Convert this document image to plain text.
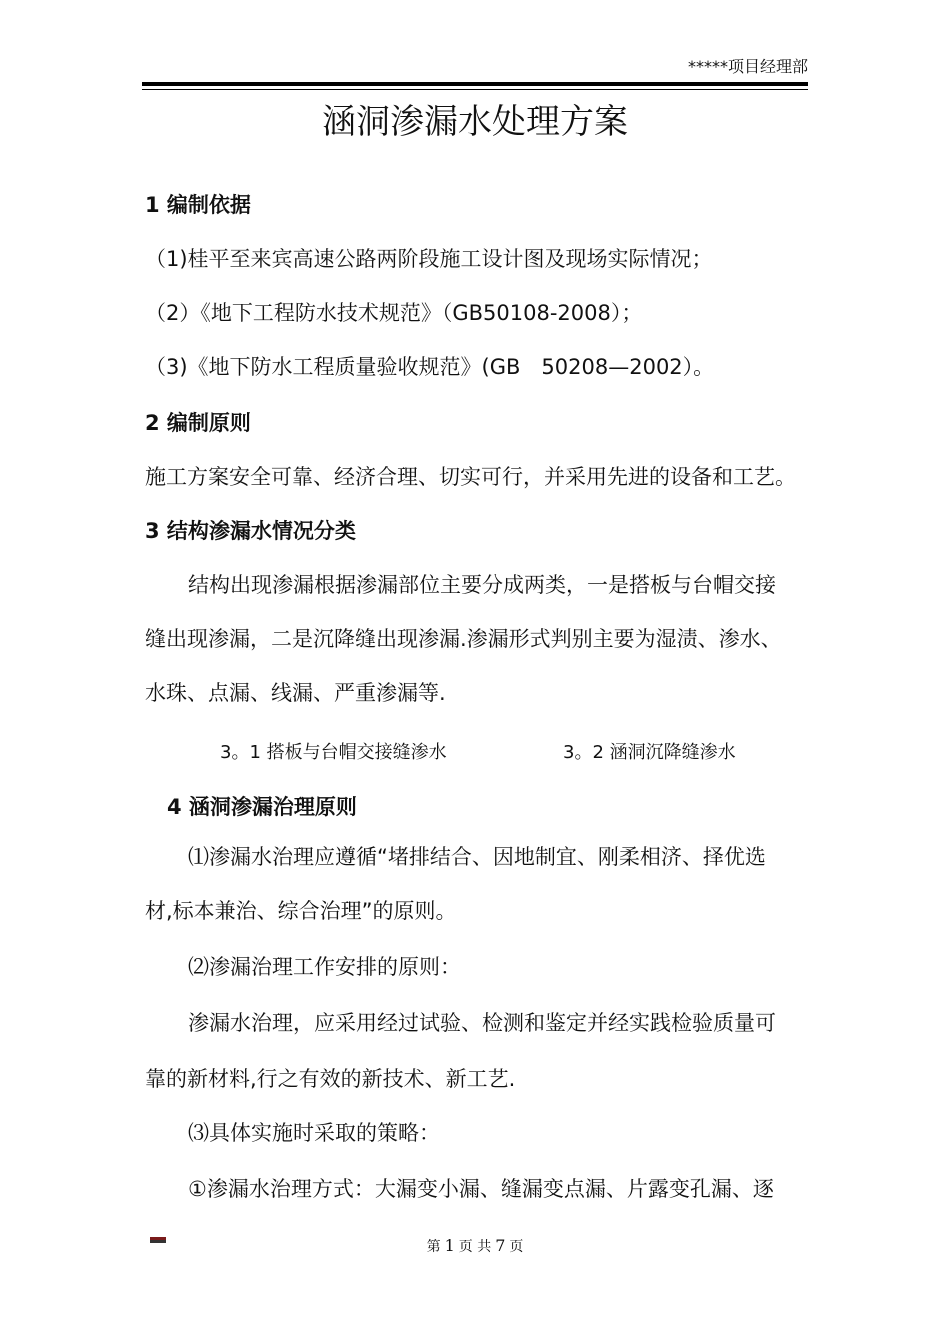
*****项目经理部
涵洞渗漏水处理方案
1 编制依据
（1)桂平至来宾高速公路两阶段施工设计图及现场实际情况；
（2）《地下工程防水技术规范》（GB50108-2008）；
（3)《地下防水工程质量验收规范》(GB　50208—2002）。
2 编制原则
施工方案安全可靠、经济合理、切实可行，并采用先进的设备和工艺。
3 结构渗漏水情况分类
结构出现渗漏根据渗漏部位主要分成两类，一是搭板与台帽交接
缝出现渗漏，二是沉降缝出现渗漏.渗漏形式判别主要为湿渍、渗水、
水珠、点漏、线漏、严重渗漏等.
3。1 搭板与台帽交接缝渗水	3。2 涵洞沉降缝渗水
4 涵洞渗漏治理原则
⑴渗漏水治理应遵循“堵排结合、因地制宜、刚柔相济、择优选
材,标本兼治、综合治理”的原则。
⑵渗漏治理工作安排的原则：
渗漏水治理，应采用经过试验、检测和鉴定并经实践检验质量可
靠的新材料,行之有效的新技术、新工艺.
⑶具体实施时采取的策略：
①渗漏水治理方式：大漏变小漏、缝漏变点漏、片露变孔漏、逐
第 1 页 共 7 页
